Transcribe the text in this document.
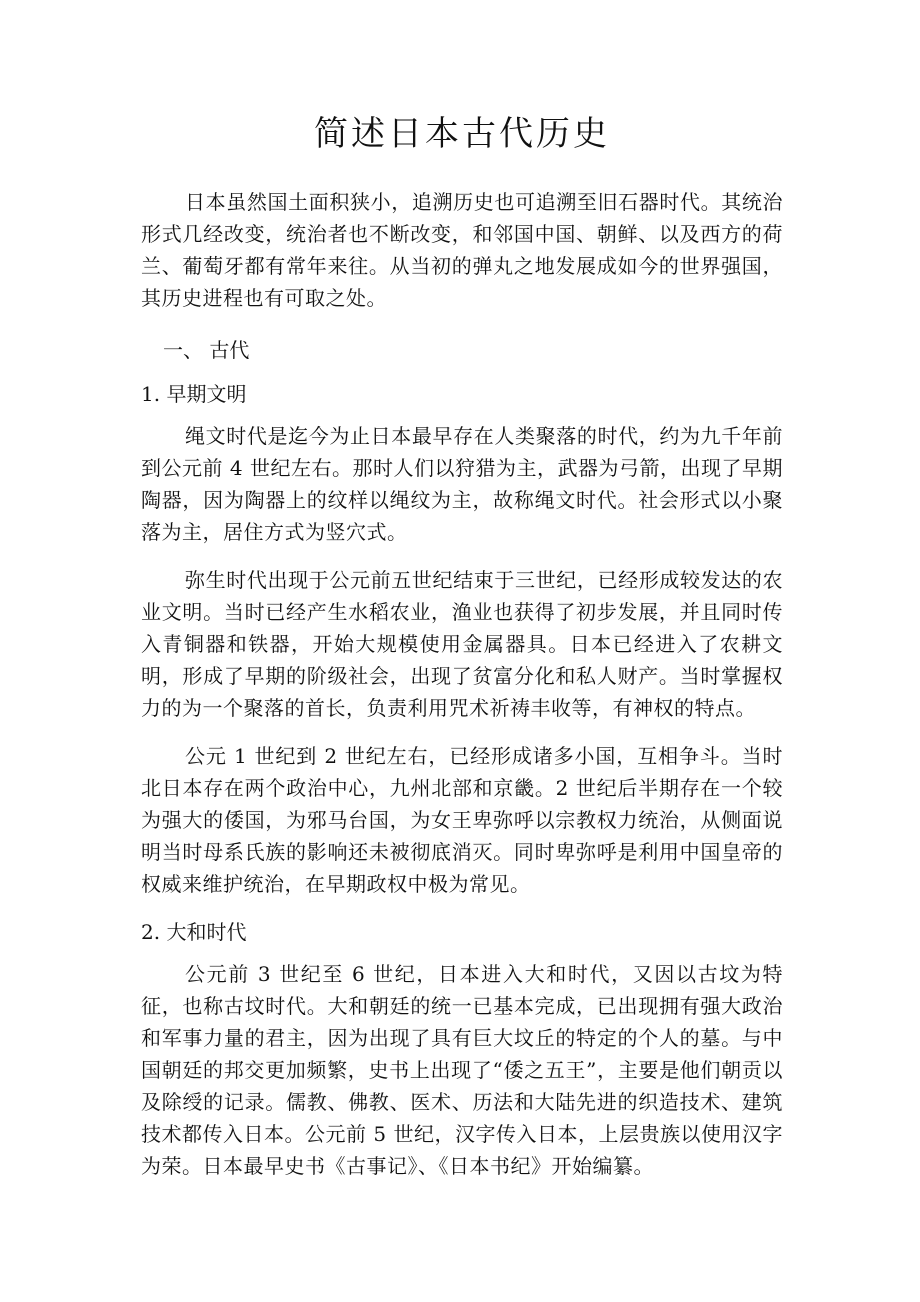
简述日本古代历史

日本虽然国土面积狭小，追溯历史也可追溯至旧石器时代。其统治形式几经改变，统治者也不断改变，和邻国中国、朝鲜、以及西方的荷兰、葡萄牙都有常年来往。从当初的弹丸之地发展成如今的世界强国，其历史进程也有可取之处。

一、 古代
1. 早期文明

绳文时代是迄今为止日本最早存在人类聚落的时代，约为九千年前到公元前 4 世纪左右。那时人们以狩猎为主，武器为弓箭，出现了早期陶器，因为陶器上的纹样以绳纹为主，故称绳文时代。社会形式以小聚落为主，居住方式为竖穴式。

弥生时代出现于公元前五世纪结束于三世纪，已经形成较发达的农业文明。当时已经产生水稻农业，渔业也获得了初步发展，并且同时传入青铜器和铁器，开始大规模使用金属器具。日本已经进入了农耕文明，形成了早期的阶级社会，出现了贫富分化和私人财产。当时掌握权力的为一个聚落的首长，负责利用咒术祈祷丰收等，有神权的特点。

公元 1 世纪到 2 世纪左右，已经形成诸多小国，互相争斗。当时北日本存在两个政治中心，九州北部和京畿。2 世纪后半期存在一个较为强大的倭国，为邪马台国，为女王卑弥呼以宗教权力统治，从侧面说明当时母系氏族的影响还未被彻底消灭。同时卑弥呼是利用中国皇帝的权威来维护统治，在早期政权中极为常见。

2. 大和时代

公元前 3 世纪至 6 世纪，日本进入大和时代，又因以古坟为特征，也称古坟时代。大和朝廷的统一已基本完成，已出现拥有强大政治和军事力量的君主，因为出现了具有巨大坟丘的特定的个人的墓。与中国朝廷的邦交更加频繁，史书上出现了“倭之五王”，主要是他们朝贡以及除绶的记录。儒教、佛教、医术、历法和大陆先进的织造技术、建筑技术都传入日本。公元前 5 世纪，汉字传入日本，上层贵族以使用汉字为荣。日本最早史书《古事记》、《日本书纪》开始编纂。
